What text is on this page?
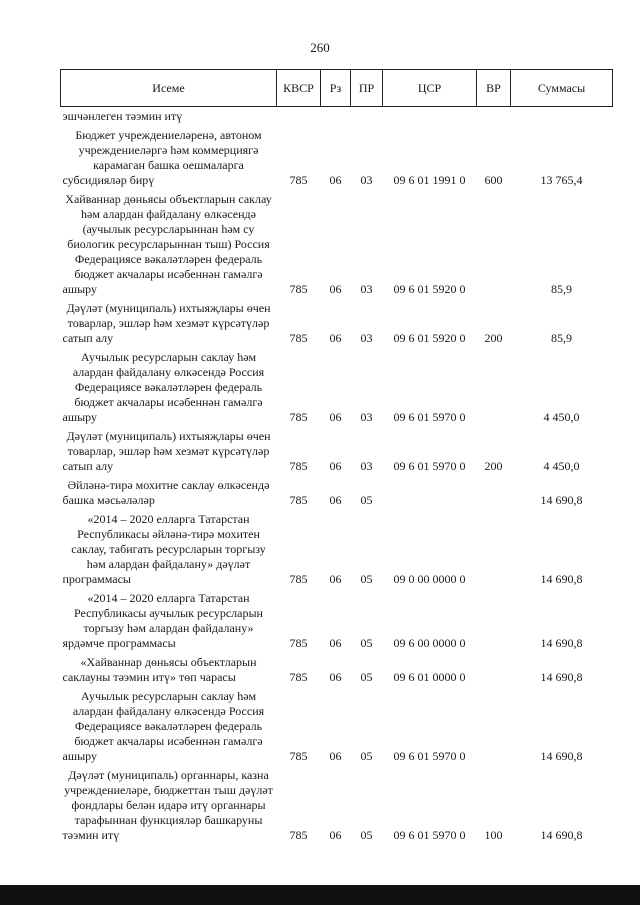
260
Исеме	КВСР	Рз	ПР	ЦСР	ВР	Суммасы
эшчәнлеген тәэмин итү						
Бюджет учреждениеләренә, автоном учреждениеләргә һәм коммерциягә карамаган башка оешмаларга субсидияләр бирү	785	06	03	09 6 01 1991 0	600	13 765,4
Хайваннар дөньясы объектларын саклау һәм алардан файдалану өлкәсендә (аучылык ресурсларыннан һәм су биологик ресурсларыннан тыш) Россия Федерациясе вәкаләтләрен федераль бюджет акчалары исәбеннән гамәлгә ашыру	785	06	03	09 6 01 5920 0		85,9
Дәүләт (муниципаль) ихтыяҗлары өчен товарлар, эшләр һәм хезмәт күрсәтүләр сатып алу	785	06	03	09 6 01 5920 0	200	85,9
Аучылык ресурсларын саклау һәм алардан файдалану өлкәсендә Россия Федерациясе вәкаләтләрен федераль бюджет акчалары исәбеннән гамәлгә ашыру	785	06	03	09 6 01 5970 0		4 450,0
Дәүләт (муниципаль) ихтыяҗлары өчен товарлар, эшләр һәм хезмәт күрсәтүләр сатып алу	785	06	03	09 6 01 5970 0	200	4 450,0
Әйләнә-тирә мохитне саклау өлкәсендә башка мәсьәләләр	785	06	05			14 690,8
«2014 – 2020 елларга Татарстан Республикасы әйләнә-тирә мохитен саклау, табигать ресурсларын торгызу һәм алардан файдалану» дәүләт программасы	785	06	05	09 0 00 0000 0		14 690,8
«2014 – 2020 елларга Татарстан Республикасы аучылык ресурсларын торгызу һәм алардан файдалану» ярдәмче программасы	785	06	05	09 6 00 0000 0		14 690,8
«Хайваннар дөньясы объектларын саклауны тәэмин итү» төп чарасы	785	06	05	09 6 01 0000 0		14 690,8
Аучылык ресурсларын саклау һәм алардан файдалану өлкәсендә Россия Федерациясе вәкаләтләрен федераль бюджет акчалары исәбеннән гамәлгә ашыру	785	06	05	09 6 01 5970 0		14 690,8
Дәүләт (муниципаль) органнары, казна учреждениеләре, бюджеттан тыш дәүләт фондлары белән идарә итү органнары тарафыннан функцияләр башкаруны тәэмин итү	785	06	05	09 6 01 5970 0	100	14 690,8
